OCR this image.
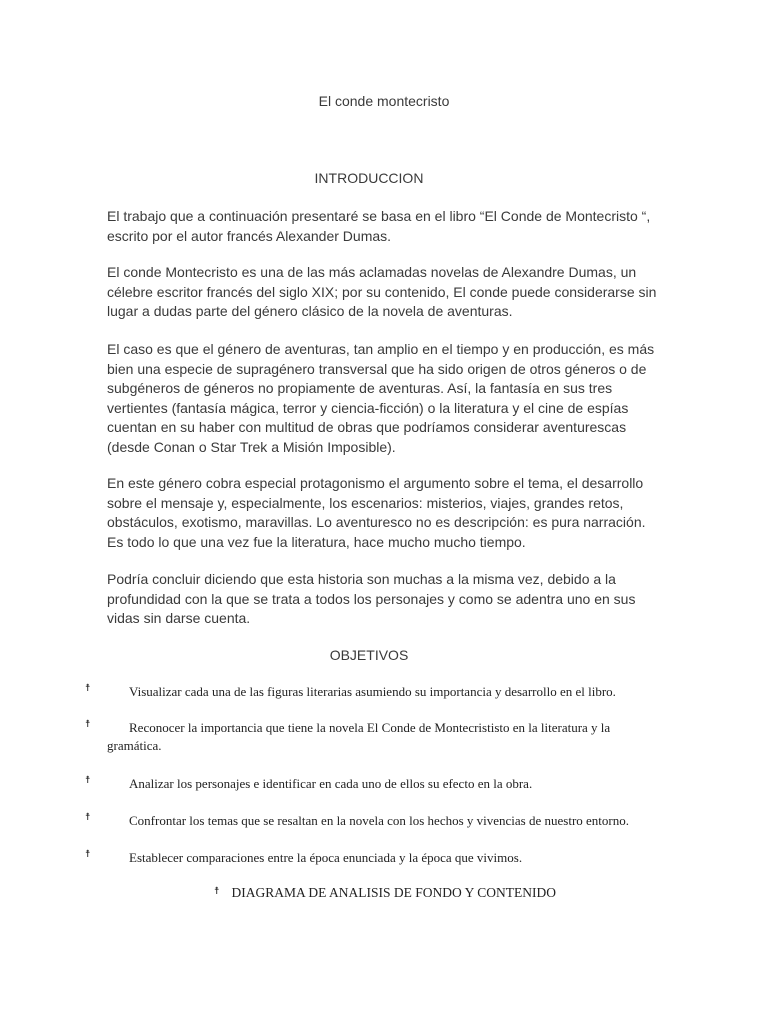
El conde montecristo
INTRODUCCION

El trabajo que a continuación presentaré se basa en el libro “El Conde de Montecristo “, escrito por el autor francés Alexander Dumas.

El conde Montecristo es una de las más aclamadas novelas de Alexandre Dumas, un célebre escritor francés del siglo XIX; por su contenido, El conde puede considerarse sin lugar a dudas parte del género clásico de la novela de aventuras.

El caso es que el género de aventuras, tan amplio en el tiempo y en producción, es más bien una especie de supragénero transversal que ha sido origen de otros géneros o de subgéneros de géneros no propiamente de aventuras. Así, la fantasía en sus tres vertientes (fantasía mágica, terror y ciencia-ficción) o la literatura y el cine de espías cuentan en su haber con multitud de obras que podríamos considerar aventurescas (desde Conan o Star Trek a Misión Imposible).

En este género cobra especial protagonismo el argumento sobre el tema, el desarrollo sobre el mensaje y, especialmente, los escenarios: misterios, viajes, grandes retos, obstáculos, exotismo, maravillas. Lo aventuresco no es descripción: es pura narración. Es todo lo que una vez fue la literatura, hace mucho mucho tiempo.

Podría concluir diciendo que esta historia son muchas a la misma vez, debido a la profundidad con la que se trata a todos los personajes y como se adentra uno en sus vidas sin darse cuenta.

OBJETIVOS
☨	Visualizar cada una de las figuras literarias asumiendo su importancia y desarrollo en el libro.
☨	Reconocer la importancia que tiene la novela El Conde de Montecrististo en la literatura y la gramática.
☨	Analizar los personajes e identificar en cada uno de ellos su efecto en la obra.
☨	Confrontar los temas que se resaltan en la novela con los hechos y vivencias de nuestro entorno.
☨	Establecer comparaciones entre la época enunciada y la época que vivimos.
☨ DIAGRAMA DE ANALISIS DE FONDO Y CONTENIDO
